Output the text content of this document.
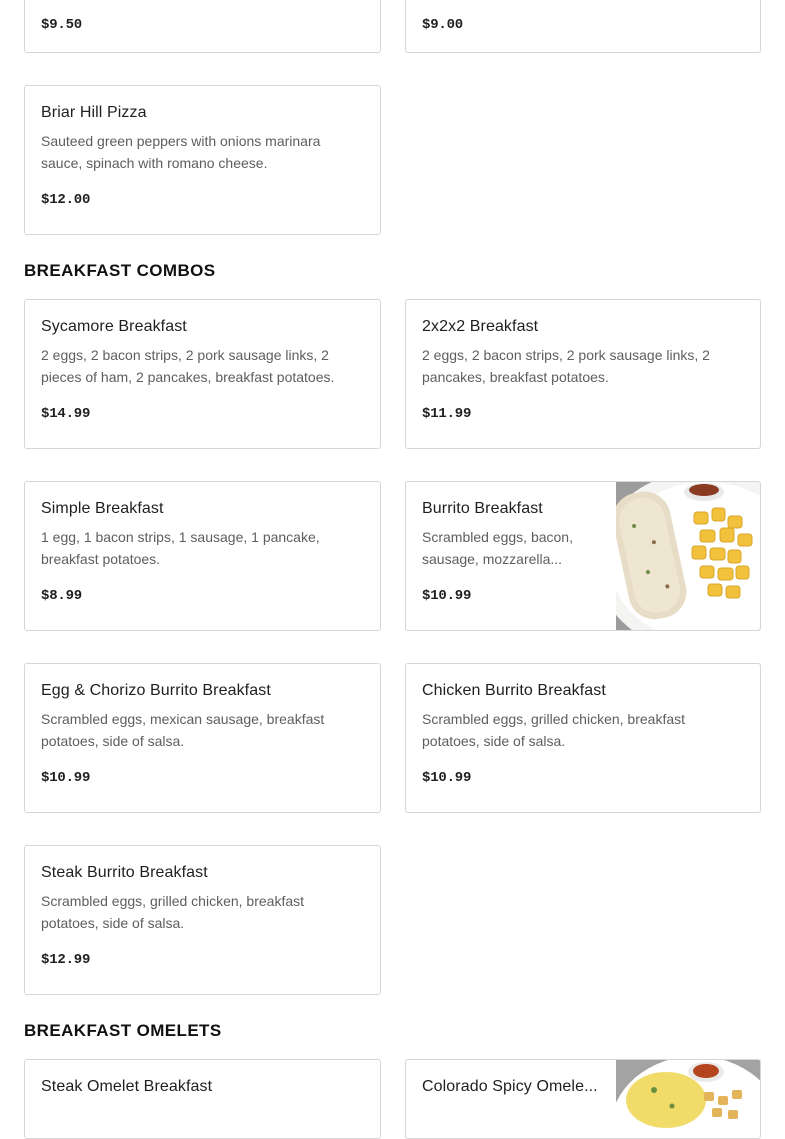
$9.50	$9.00
Briar Hill Pizza
Sauteed green peppers with onions marinara sauce, spinach with romano cheese.
$12.00
BREAKFAST COMBOS
Sycamore Breakfast
2 eggs, 2 bacon strips, 2 pork sausage links, 2 pieces of ham, 2 pancakes, breakfast potatoes.
$14.99
2x2x2 Breakfast
2 eggs, 2 bacon strips, 2 pork sausage links, 2 pancakes, breakfast potatoes.
$11.99
Simple Breakfast
1 egg, 1 bacon strips, 1 sausage, 1 pancake, breakfast potatoes.
$8.99
Burrito Breakfast
Scrambled eggs, bacon, sausage, mozzarella...
$10.99
Egg & Chorizo Burrito Breakfast
Scrambled eggs, mexican sausage, breakfast potatoes, side of salsa.
$10.99
Chicken Burrito Breakfast
Scrambled eggs, grilled chicken, breakfast potatoes, side of salsa.
$10.99
Steak Burrito Breakfast
Scrambled eggs, grilled chicken, breakfast potatoes, side of salsa.
$12.99
BREAKFAST OMELETS
Steak Omelet Breakfast	Colorado Spicy Omele...
